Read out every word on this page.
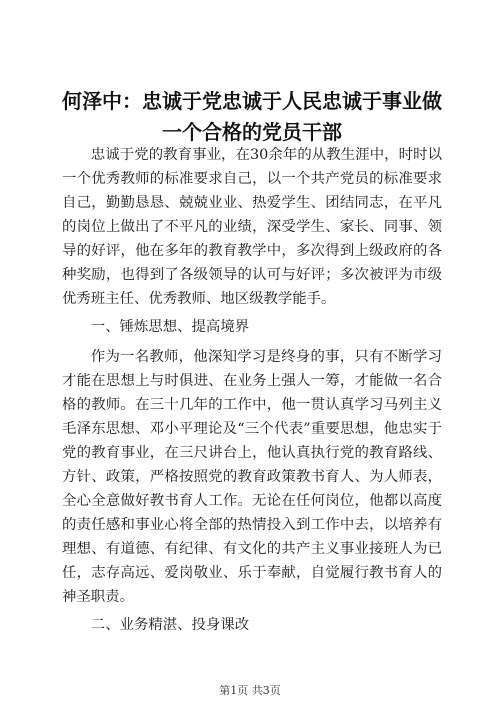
何泽中：忠诚于党忠诚于人民忠诚于事业做一个合格的党员干部

忠诚于党的教育事业，在30余年的从教生涯中，时时以一个优秀教师的标准要求自己，以一个共产党员的标准要求自己，勤勤恳恳、兢兢业业、热爱学生、团结同志，在平凡的岗位上做出了不平凡的业绩，深受学生、家长、同事、领导的好评，他在多年的教育教学中，多次得到上级政府的各种奖励，也得到了各级领导的认可与好评；多次被评为市级优秀班主任、优秀教师、地区级教学能手。

一、锤炼思想、提高境界

作为一名教师，他深知学习是终身的事，只有不断学习才能在思想上与时俱进、在业务上强人一筹，才能做一名合格的教师。在三十几年的工作中，他一贯认真学习马列主义毛泽东思想、邓小平理论及“三个代表”重要思想，他忠实于党的教育事业，在三尺讲台上，他认真执行党的教育路线、方针、政策，严格按照党的教育政策教书育人、为人师表，全心全意做好教书育人工作。无论在任何岗位，他都以高度的责任感和事业心将全部的热情投入到工作中去，以培养有理想、有道德、有纪律、有文化的共产主义事业接班人为已任，志存高远、爱岗敬业、乐于奉献，自觉履行教书育人的神圣职责。

二、业务精湛、投身课改

第1页 共3页
